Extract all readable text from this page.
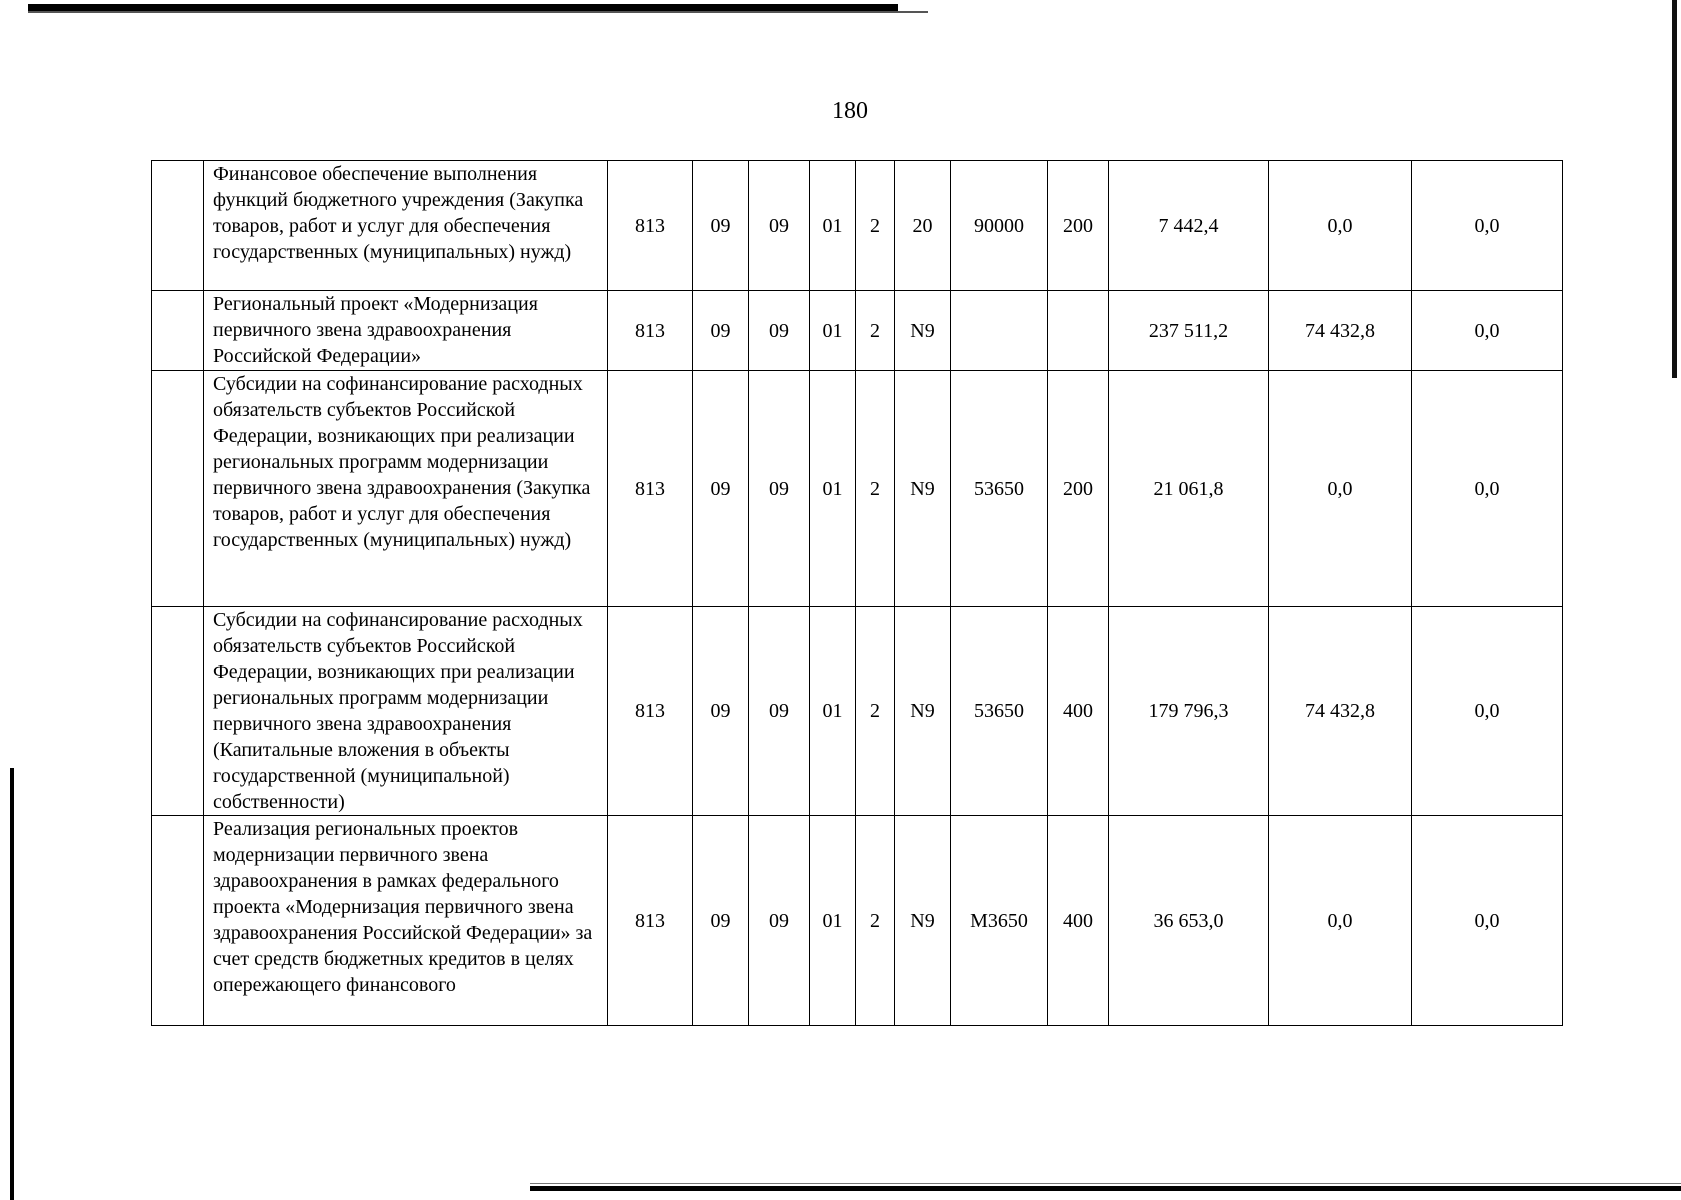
180
	Финансовое обеспечение выполнения функций бюджетного учреждения (Закупка товаров, работ и услуг для обеспечения государственных (муниципальных) нужд)	813	09	09	01	2	20	90000	200	7 442,4	0,0	0,0
	Региональный проект «Модернизация первичного звена здравоохранения Российской Федерации»	813	09	09	01	2	N9			237 511,2	74 432,8	0,0
	Субсидии на софинансирование расходных обязательств субъектов Российской Федерации, возникающих при реализации региональных программ модернизации первичного звена здравоохранения (Закупка товаров, работ и услуг для обеспечения государственных (муниципальных) нужд)	813	09	09	01	2	N9	53650	200	21 061,8	0,0	0,0
	Субсидии на софинансирование расходных обязательств субъектов Российской Федерации, возникающих при реализации региональных программ модернизации первичного звена здравоохранения (Капитальные вложения в объекты государственной (муниципальной) собственности)	813	09	09	01	2	N9	53650	400	179 796,3	74 432,8	0,0
	Реализация региональных проектов модернизации первичного звена здравоохранения в рамках федерального проекта «Модернизация первичного звена здравоохранения Российской Федерации» за счет средств бюджетных кредитов в целях опережающего финансового	813	09	09	01	2	N9	M3650	400	36 653,0	0,0	0,0
